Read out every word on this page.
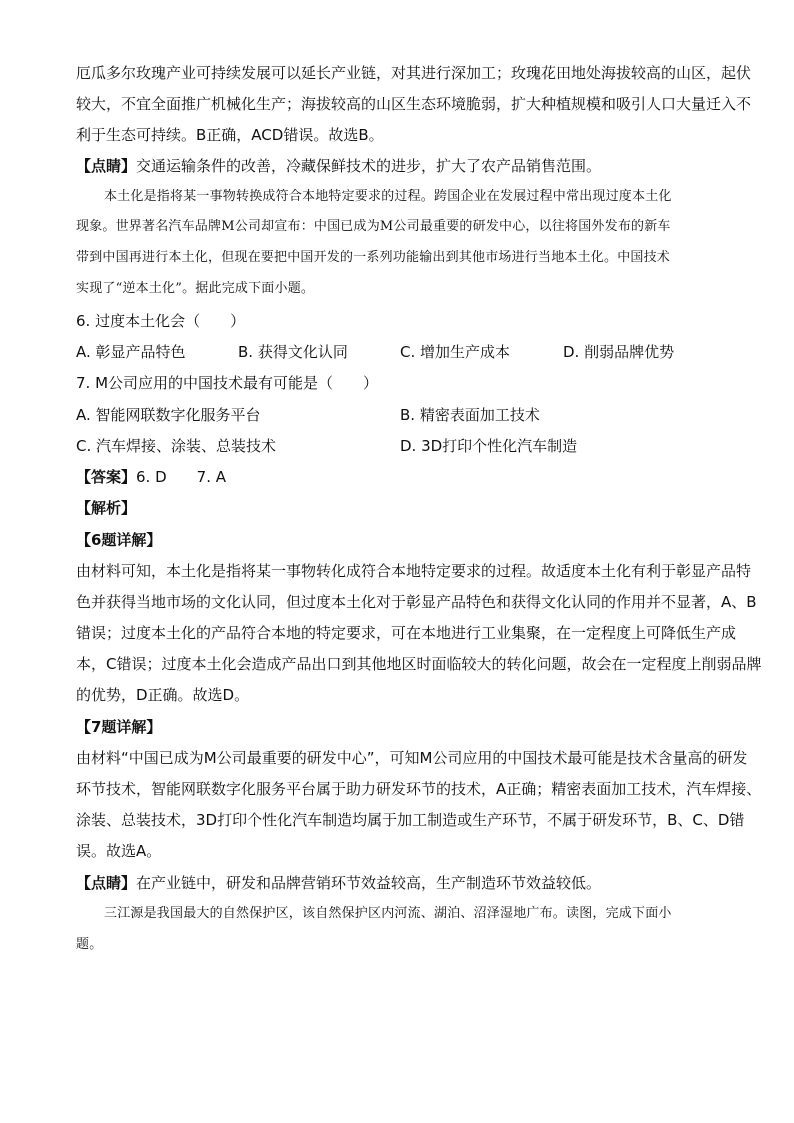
厄瓜多尔玫瑰产业可持续发展可以延长产业链，对其进行深加工；玫瑰花田地处海拔较高的山区，起伏
较大，不宜全面推广机械化生产；海拔较高的山区生态环境脆弱，扩大种植规模和吸引人口大量迁入不
利于生态可持续。B正确，ACD错误。故选B。
【点睛】交通运输条件的改善，冷藏保鲜技术的进步，扩大了农产品销售范围。
本土化是指将某一事物转换成符合本地特定要求的过程。跨国企业在发展过程中常出现过度本土化
现象。世界著名汽车品牌M公司却宣布：中国已成为M公司最重要的研发中心，以往将国外发布的新车
带到中国再进行本土化，但现在要把中国开发的一系列功能输出到其他市场进行当地本土化。中国技术
实现了“逆本土化”。据此完成下面小题。
6. 过度本土化会（　　）
A. 彰显产品特色	B. 获得文化认同	C. 增加生产成本	D. 削弱品牌优势
7. M公司应用的中国技术最有可能是（　　）
A. 智能网联数字化服务平台	B. 精密表面加工技术
C. 汽车焊接、涂装、总装技术	D. 3D打印个性化汽车制造
【答案】6. D　　7. A
【解析】
【6题详解】
由材料可知，本土化是指将某一事物转化成符合本地特定要求的过程。故适度本土化有利于彰显产品特
色并获得当地市场的文化认同，但过度本土化对于彰显产品特色和获得文化认同的作用并不显著，A、B
错误；过度本土化的产品符合本地的特定要求，可在本地进行工业集聚，在一定程度上可降低生产成
本，C错误；过度本土化会造成产品出口到其他地区时面临较大的转化问题，故会在一定程度上削弱品牌
的优势，D正确。故选D。
【7题详解】
由材料“中国已成为M公司最重要的研发中心”，可知M公司应用的中国技术最可能是技术含量高的研发
环节技术，智能网联数字化服务平台属于助力研发环节的技术，A正确；精密表面加工技术，汽车焊接、
涂装、总装技术，3D打印个性化汽车制造均属于加工制造或生产环节，不属于研发环节，B、C、D错
误。故选A。
【点睛】在产业链中，研发和品牌营销环节效益较高，生产制造环节效益较低。
三江源是我国最大的自然保护区，该自然保护区内河流、湖泊、沼泽湿地广布。读图，完成下面小
题。
